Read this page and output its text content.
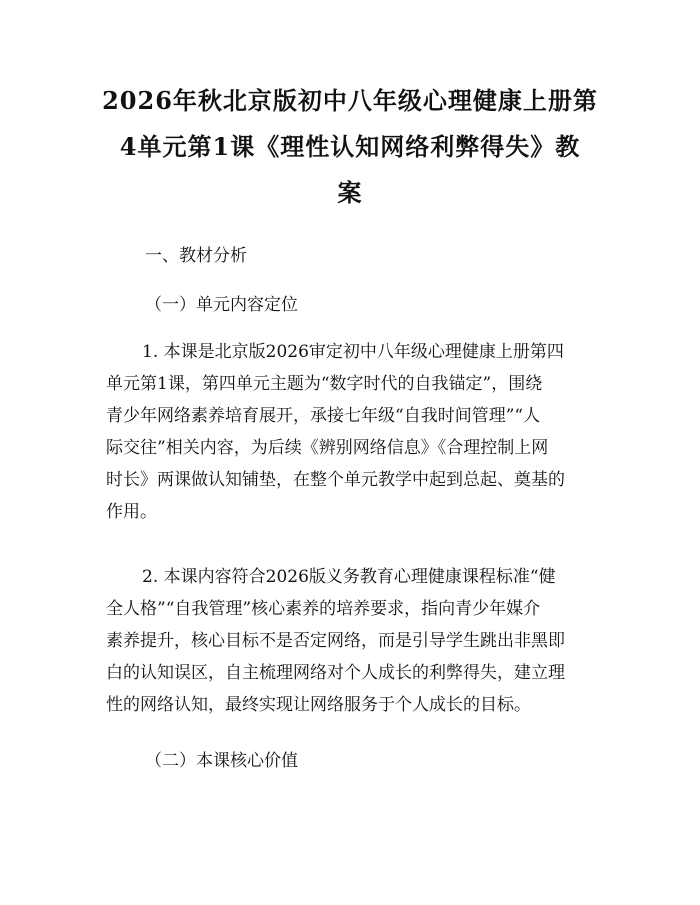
2026年秋北京版初中八年级心理健康上册第
4单元第1课《理性认知网络利弊得失》教
案
一、教材分析
（一）单元内容定位
1. 本课是北京版2026审定初中八年级心理健康上册第四
单元第1课，第四单元主题为“数字时代的自我锚定”，围绕
青少年网络素养培育展开，承接七年级“自我时间管理”“人
际交往”相关内容，为后续《辨别网络信息》《合理控制上网
时长》两课做认知铺垫，在整个单元教学中起到总起、奠基的
作用。
2. 本课内容符合2026版义务教育心理健康课程标准“健
全人格”“自我管理”核心素养的培养要求，指向青少年媒介
素养提升，核心目标不是否定网络，而是引导学生跳出非黑即
白的认知误区，自主梳理网络对个人成长的利弊得失，建立理
性的网络认知，最终实现让网络服务于个人成长的目标。
（二）本课核心价值
